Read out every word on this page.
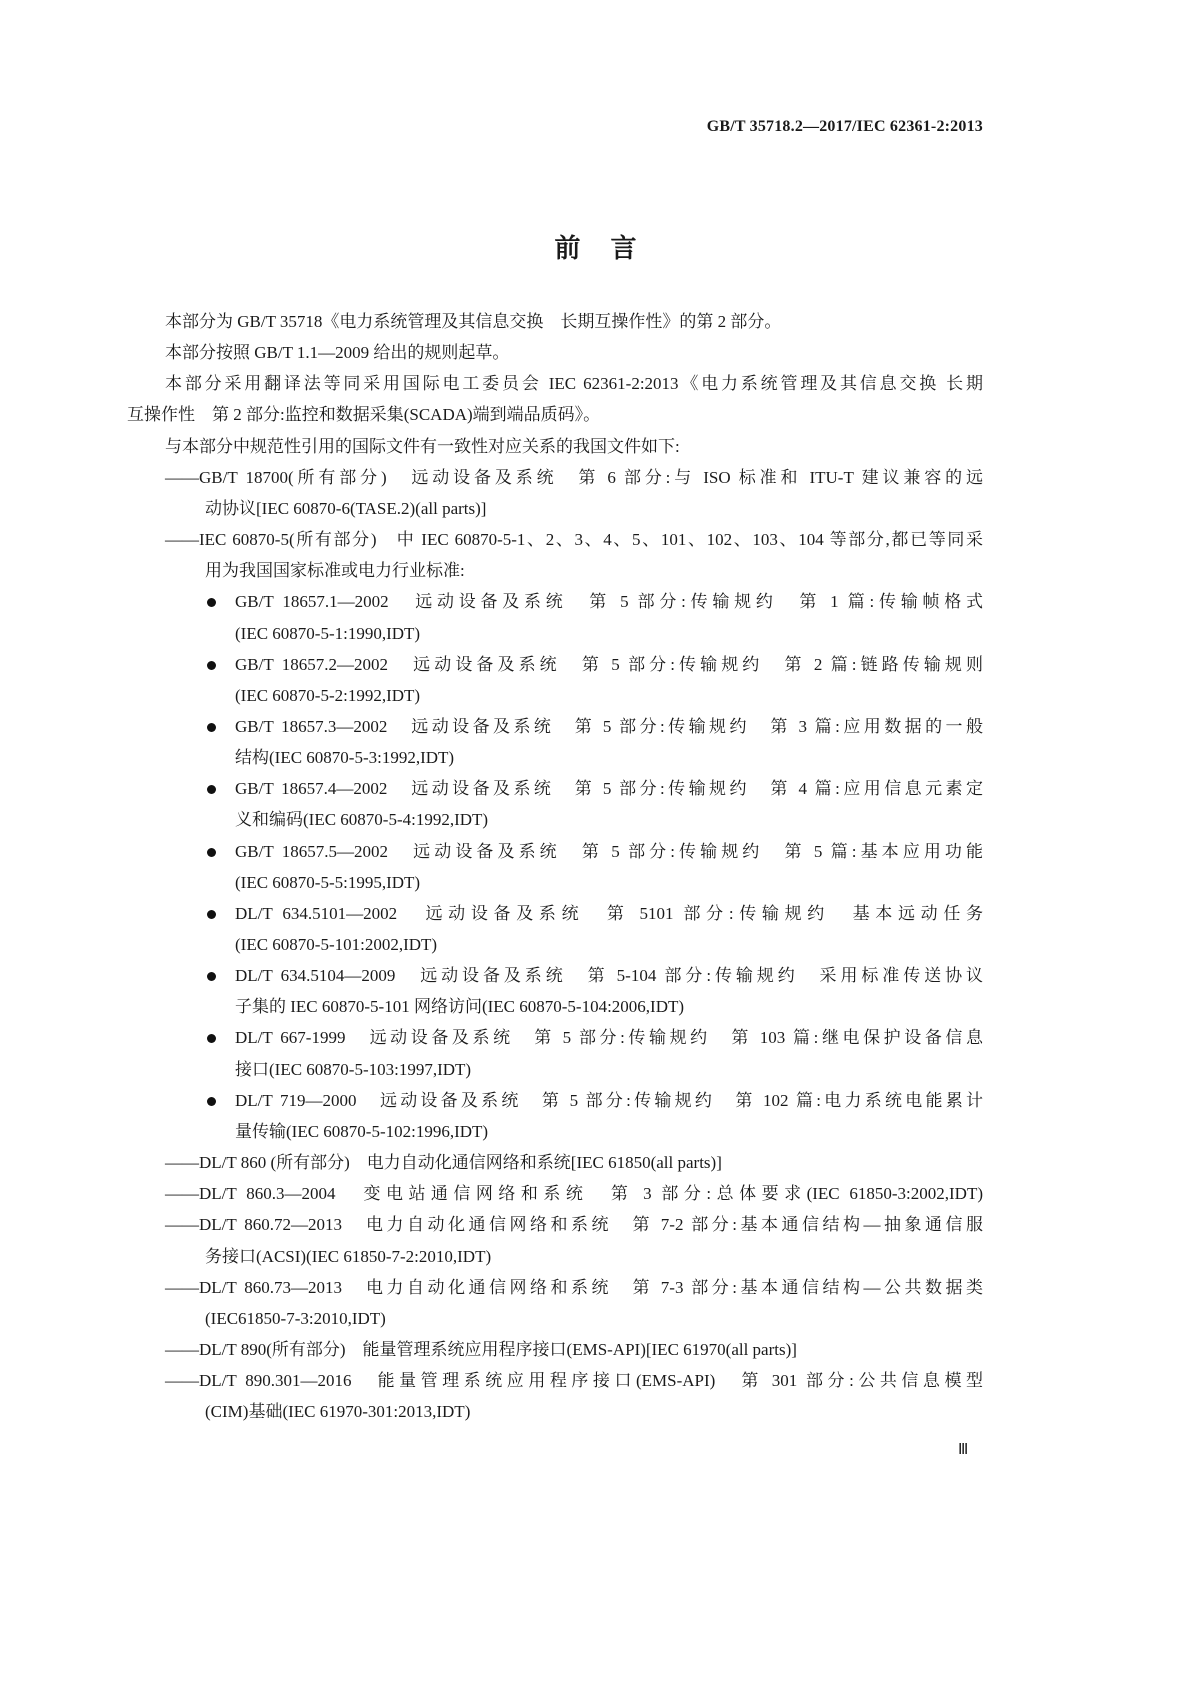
GB/T 35718.2—2017/IEC 62361-2:2013
前言
本部分为 GB/T 35718《电力系统管理及其信息交换　长期互操作性》的第 2 部分。
本部分按照 GB/T 1.1—2009 给出的规则起草。
本部分采用翻译法等同采用国际电工委员会 IEC 62361-2:2013《电力系统管理及其信息交换 长期
互操作性　第 2 部分:监控和数据采集(SCADA)端到端品质码》。
与本部分中规范性引用的国际文件有一致性对应关系的我国文件如下:
——GB/T 18700(所有部分)　远动设备及系统　第 6 部分:与 ISO 标准和 ITU-T 建议兼容的远
动协议[IEC 60870-6(TASE.2)(all parts)]
——IEC 60870-5(所有部分)　中 IEC 60870-5-1、2、3、4、5、101、102、103、104 等部分,都已等同采
用为我国国家标准或电力行业标准:
GB/T 18657.1—2002　远动设备及系统　第 5 部分:传输规约　第 1 篇:传输帧格式
(IEC 60870-5-1:1990,IDT)
GB/T 18657.2—2002　远动设备及系统　第 5 部分:传输规约　第 2 篇:链路传输规则
(IEC 60870-5-2:1992,IDT)
GB/T 18657.3—2002　远动设备及系统　第 5 部分:传输规约　第 3 篇:应用数据的一般
结构(IEC 60870-5-3:1992,IDT)
GB/T 18657.4—2002　远动设备及系统　第 5 部分:传输规约　第 4 篇:应用信息元素定
义和编码(IEC 60870-5-4:1992,IDT)
GB/T 18657.5—2002　远动设备及系统　第 5 部分:传输规约　第 5 篇:基本应用功能
(IEC 60870-5-5:1995,IDT)
DL/T 634.5101—2002　远动设备及系统　第 5101 部分:传输规约　基本远动任务
(IEC 60870-5-101:2002,IDT)
DL/T 634.5104—2009　远动设备及系统　第 5-104 部分:传输规约　采用标准传送协议
子集的 IEC 60870-5-101 网络访问(IEC 60870-5-104:2006,IDT)
DL/T 667-1999　远动设备及系统　第 5 部分:传输规约　第 103 篇:继电保护设备信息
接口(IEC 60870-5-103:1997,IDT)
DL/T 719—2000　远动设备及系统　第 5 部分:传输规约　第 102 篇:电力系统电能累计
量传输(IEC 60870-5-102:1996,IDT)
——DL/T 860 (所有部分)　电力自动化通信网络和系统[IEC 61850(all parts)]
——DL/T 860.3—2004　变电站通信网络和系统　第 3 部分:总体要求(IEC 61850-3:2002,IDT)
——DL/T 860.72—2013　电力自动化通信网络和系统　第 7-2 部分:基本通信结构—抽象通信服
务接口(ACSI)(IEC 61850-7-2:2010,IDT)
——DL/T 860.73—2013　电力自动化通信网络和系统　第 7-3 部分:基本通信结构—公共数据类
(IEC61850-7-3:2010,IDT)
——DL/T 890(所有部分)　能量管理系统应用程序接口(EMS-API)[IEC 61970(all parts)]
——DL/T 890.301—2016　能量管理系统应用程序接口(EMS-API)　第 301 部分:公共信息模型
(CIM)基础(IEC 61970-301:2013,IDT)
Ⅲ
